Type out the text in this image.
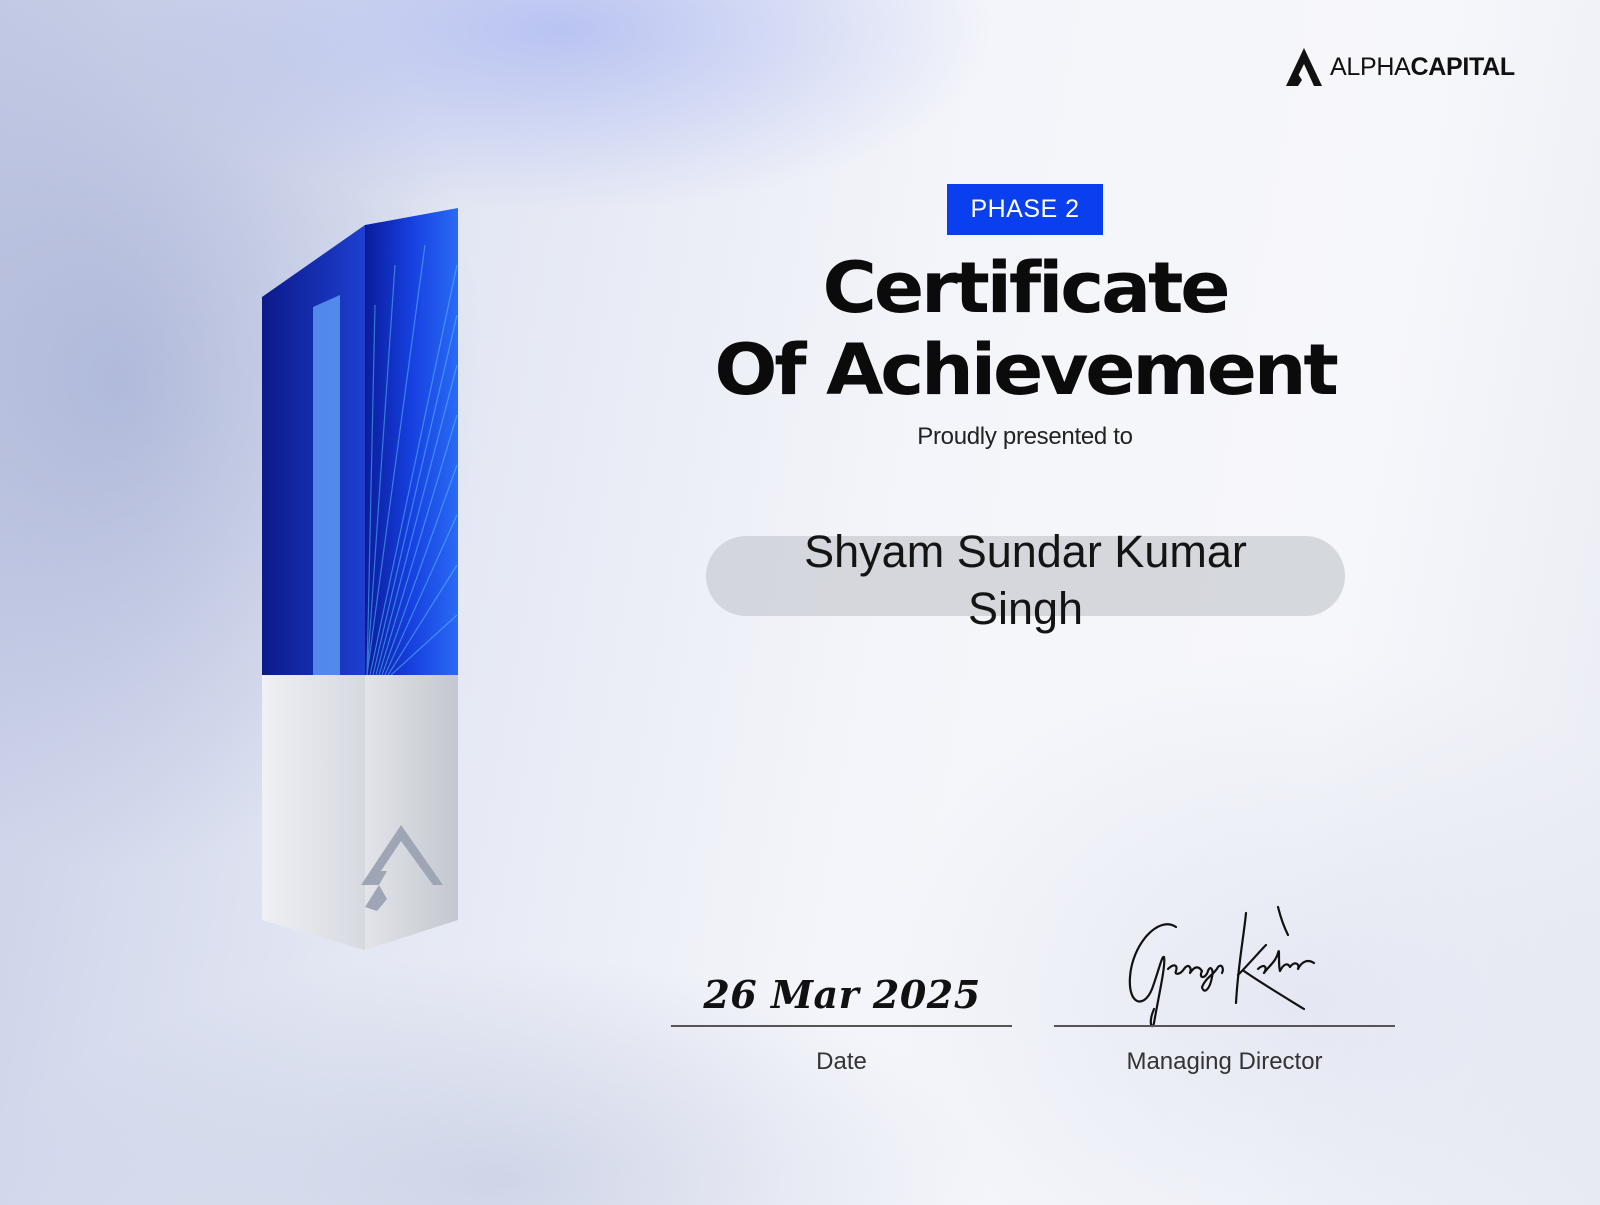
ALPHACAPITAL
PHASE 2
Certificate
Of Achievement
Proudly presented to
Shyam Sundar Kumar
Singh
26 Mar 2025
Date	Managing Director
